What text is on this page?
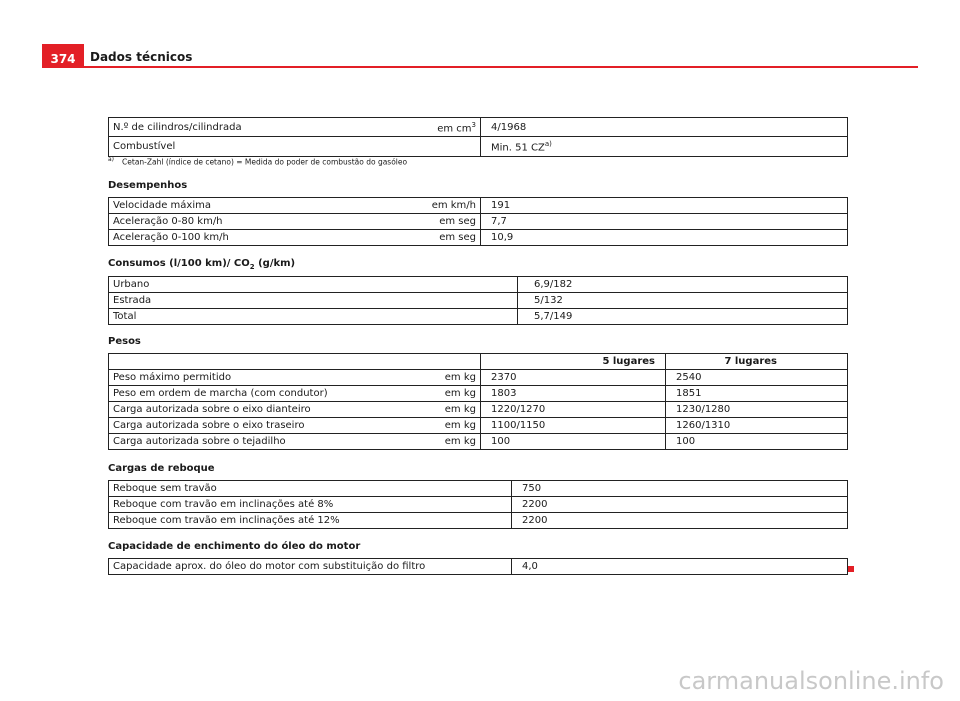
374	Dados técnicos
N.º de cilindros/cilindrada	em $cm^3$	4/1968
Combustível		Min. 51 CZ$^{a)}$
$^{a)}$ Cetan-Zahl (índice de cetano) = Medida do poder de combustão do gasóleo
Desempenhos
Velocidade máxima	em km/h	191
Aceleração 0-80 km/h	em seg	7,7
Aceleração 0-100 km/h	em seg	10,9
Consumos (l/100 km)/ $CO_2$ (g/km)
Urbano	6,9/182
Estrada	5/132
Total	5,7/149
Pesos
		5 lugares	7 lugares
Peso máximo permitido	em kg	2370	2540
Peso em ordem de marcha (com condutor)	em kg	1803	1851
Carga autorizada sobre o eixo dianteiro	em kg	1220/1270	1230/1280
Carga autorizada sobre o eixo traseiro	em kg	1100/1150	1260/1310
Carga autorizada sobre o tejadilho	em kg	100	100
Cargas de reboque
Reboque sem travão	750
Reboque com travão em inclinações até 8%	2200
Reboque com travão em inclinações até 12%	2200
Capacidade de enchimento do óleo do motor
Capacidade aprox. do óleo do motor com substituição do filtro	4,0
carmanualsonline.info
